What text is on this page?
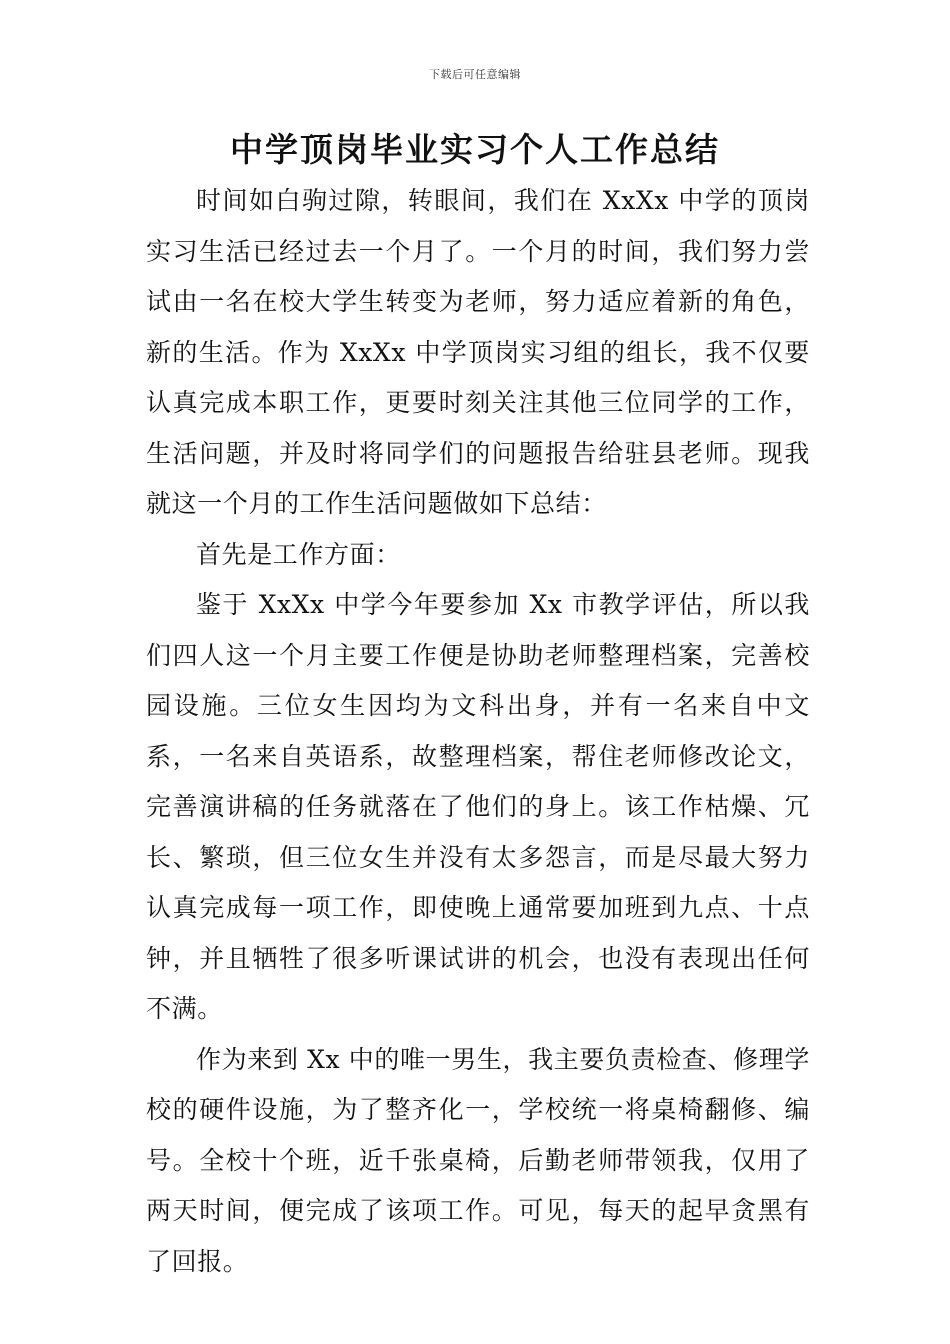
下载后可任意编辑
中学顶岗毕业实习个人工作总结

时间如白驹过隙，转眼间，我们在 XxXx 中学的顶岗实习生活已经过去一个月了。一个月的时间，我们努力尝试由一名在校大学生转变为老师，努力适应着新的角色，新的生活。作为 XxXx 中学顶岗实习组的组长，我不仅要认真完成本职工作，更要时刻关注其他三位同学的工作，生活问题，并及时将同学们的问题报告给驻县老师。现我就这一个月的工作生活问题做如下总结：

首先是工作方面：

鉴于 XxXx 中学今年要参加 Xx 市教学评估，所以我们四人这一个月主要工作便是协助老师整理档案，完善校园设施。三位女生因均为文科出身，并有一名来自中文系，一名来自英语系，故整理档案，帮住老师修改论文，完善演讲稿的任务就落在了他们的身上。该工作枯燥、冗长、繁琐，但三位女生并没有太多怨言，而是尽最大努力认真完成每一项工作，即使晚上通常要加班到九点、十点钟，并且牺牲了很多听课试讲的机会，也没有表现出任何不满。

作为来到 Xx 中的唯一男生，我主要负责检查、修理学校的硬件设施，为了整齐化一，学校统一将桌椅翻修、编号。全校十个班，近千张桌椅，后勤老师带领我，仅用了两天时间，便完成了该项工作。可见，每天的起早贪黑有了回报。
